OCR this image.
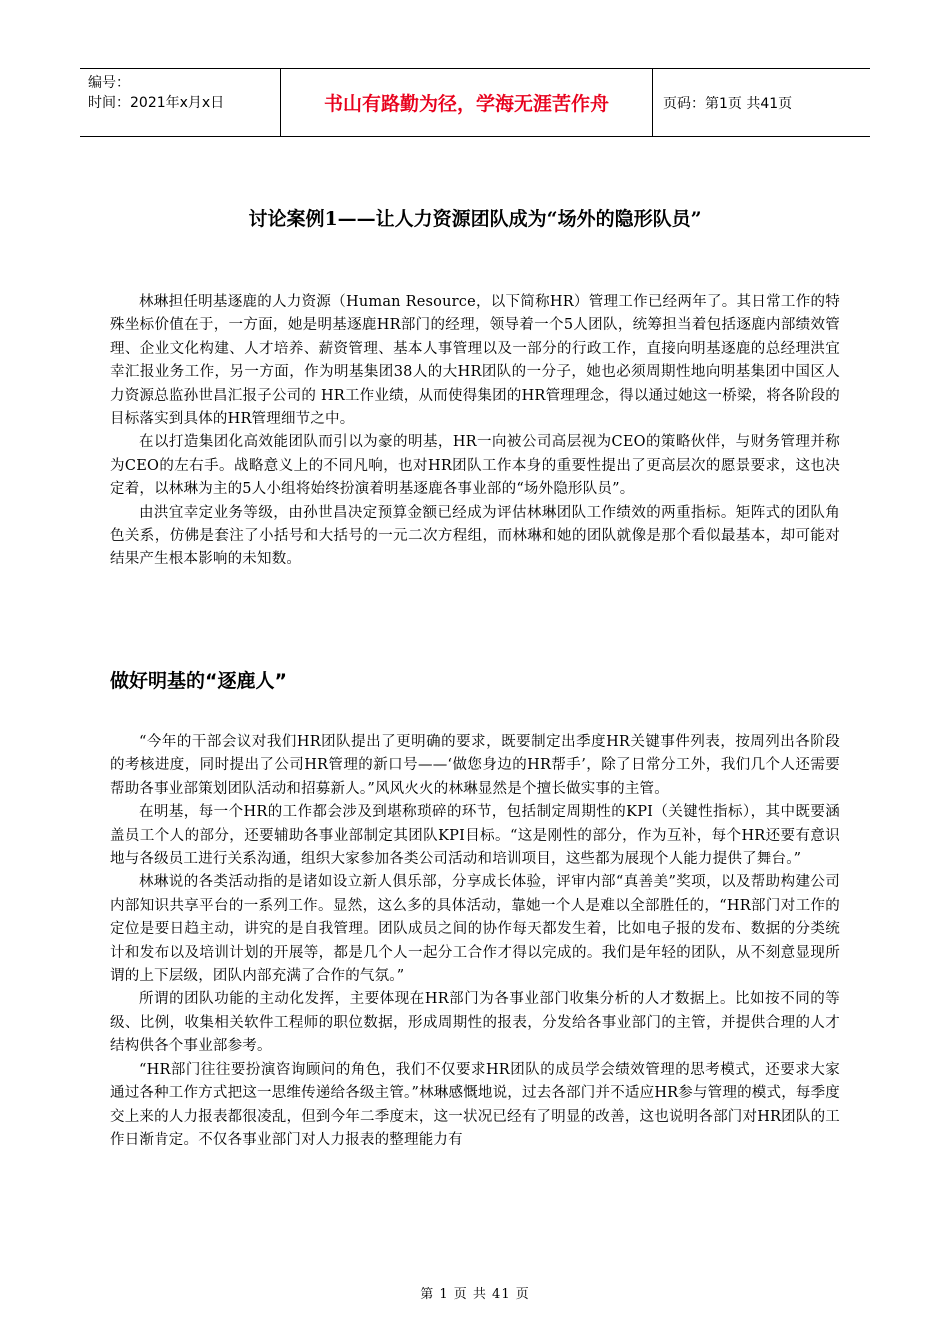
编号：
时间：2021年x月x日	书山有路勤为径，学海无涯苦作舟	页码：第1页 共41页
讨论案例1——让人力资源团队成为“场外的隐形队员”

林琳担任明基逐鹿的人力资源（Human Resource，以下简称HR）管理工作已经两年了。其日常工作的特殊坐标价值在于，一方面，她是明基逐鹿HR部门的经理，领导着一个5人团队，统筹担当着包括逐鹿内部绩效管理、企业文化构建、人才培养、薪资管理、基本人事管理以及一部分的行政工作，直接向明基逐鹿的总经理洪宜幸汇报业务工作，另一方面，作为明基集团38人的大HR团队的一分子，她也必须周期性地向明基集团中国区人力资源总监孙世昌汇报子公司的 HR工作业绩，从而使得集团的HR管理理念，得以通过她这一桥梁，将各阶段的目标落实到具体的HR管理细节之中。

在以打造集团化高效能团队而引以为豪的明基，HR一向被公司高层视为CEO的策略伙伴，与财务管理并称为CEO的左右手。战略意义上的不同凡响，也对HR团队工作本身的重要性提出了更高层次的愿景要求，这也决定着，以林琳为主的5人小组将始终扮演着明基逐鹿各事业部的“场外隐形队员”。

由洪宜幸定业务等级，由孙世昌决定预算金额已经成为评估林琳团队工作绩效的两重指标。矩阵式的团队角色关系，仿佛是套注了小括号和大括号的一元二次方程组，而林琳和她的团队就像是那个看似最基本，却可能对结果产生根本影响的未知数。

做好明基的“逐鹿人”

“今年的干部会议对我们HR团队提出了更明确的要求，既要制定出季度HR关键事件列表，按周列出各阶段的考核进度，同时提出了公司HR管理的新口号——‘做您身边的HR帮手’，除了日常分工外，我们几个人还需要帮助各事业部策划团队活动和招募新人。”风风火火的林琳显然是个擅长做实事的主管。

在明基，每一个HR的工作都会涉及到堪称琐碎的环节，包括制定周期性的KPI（关键性指标），其中既要涵盖员工个人的部分，还要辅助各事业部制定其团队KPI目标。“这是刚性的部分，作为互补，每个HR还要有意识地与各级员工进行关系沟通，组织大家参加各类公司活动和培训项目，这些都为展现个人能力提供了舞台。”

林琳说的各类活动指的是诸如设立新人俱乐部，分享成长体验，评审内部“真善美”奖项，以及帮助构建公司内部知识共享平台的一系列工作。显然，这么多的具体活动，靠她一个人是难以全部胜任的，“HR部门对工作的定位是要日趋主动，讲究的是自我管理。团队成员之间的协作每天都发生着，比如电子报的发布、数据的分类统计和发布以及培训计划的开展等，都是几个人一起分工合作才得以完成的。我们是年轻的团队，从不刻意显现所谓的上下层级，团队内部充满了合作的气氛。”

所谓的团队功能的主动化发挥，主要体现在HR部门为各事业部门收集分析的人才数据上。比如按不同的等级、比例，收集相关软件工程师的职位数据，形成周期性的报表，分发给各事业部门的主管，并提供合理的人才结构供各个事业部参考。

“HR部门往往要扮演咨询顾问的角色，我们不仅要求HR团队的成员学会绩效管理的思考模式，还要求大家通过各种工作方式把这一思维传递给各级主管。”林琳感慨地说，过去各部门并不适应HR参与管理的模式，每季度交上来的人力报表都很凌乱，但到今年二季度末，这一状况已经有了明显的改善，这也说明各部门对HR团队的工作日渐肯定。不仅各事业部门对人力报表的整理能力有

第 1 页 共 41 页
